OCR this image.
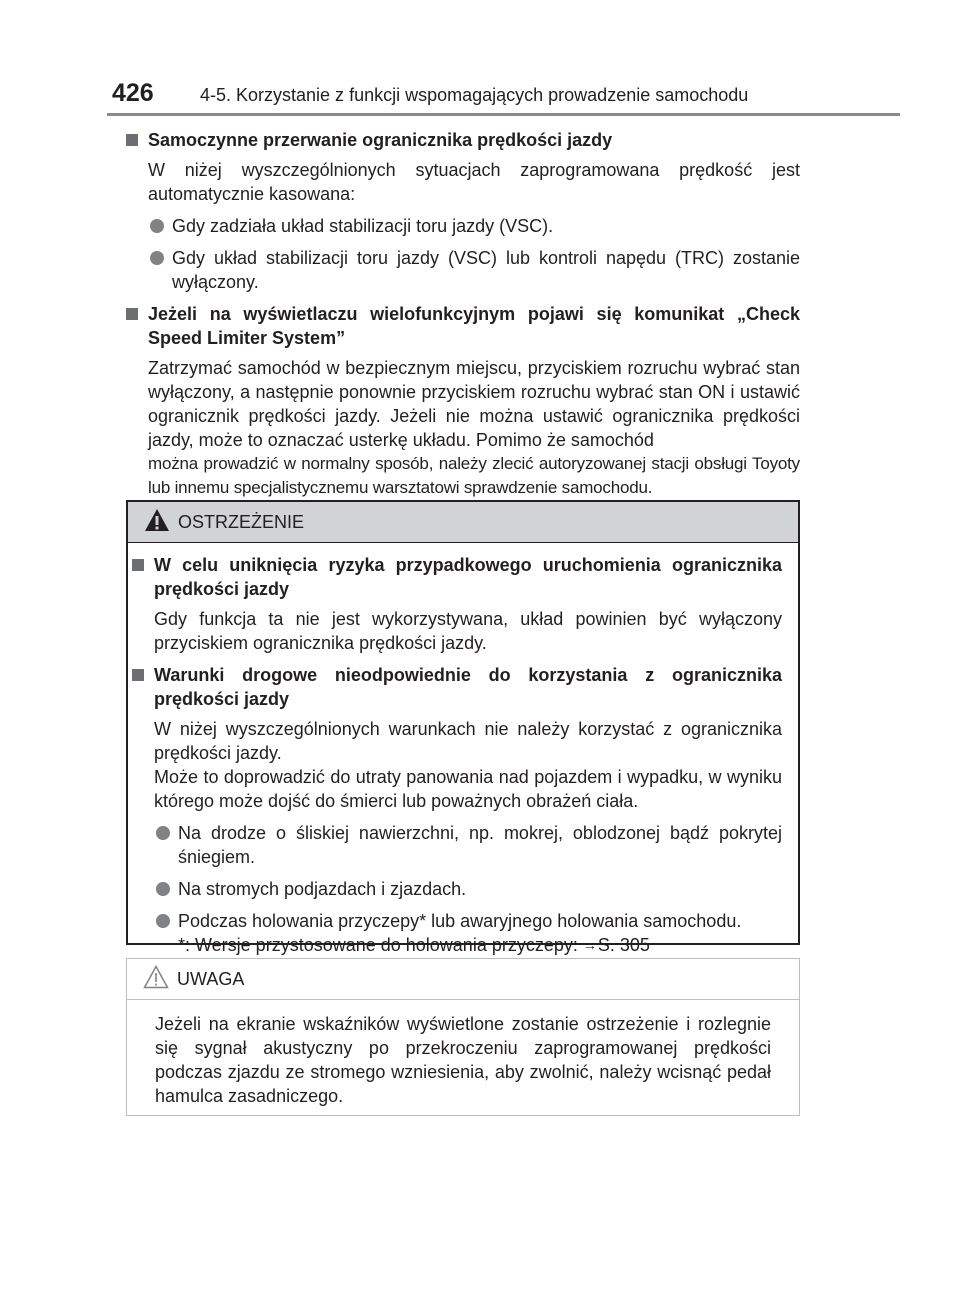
426	4-5. Korzystanie z funkcji wspomagających prowadzenie samochodu
Samoczynne przerwanie ogranicznika prędkości jazdy
W niżej wyszczególnionych sytuacjach zaprogramowana prędkość jest automatycznie kasowana:
Gdy zadziała układ stabilizacji toru jazdy (VSC).
Gdy układ stabilizacji toru jazdy (VSC) lub kontroli napędu (TRC) zostanie wyłączony.
Jeżeli na wyświetlaczu wielofunkcyjnym pojawi się komunikat „Check Speed Limiter System”
Zatrzymać samochód w bezpiecznym miejscu, przyciskiem rozruchu wybrać stan wyłączony, a następnie ponownie przyciskiem rozruchu wybrać stan ON i ustawić ogranicznik prędkości jazdy. Jeżeli nie można ustawić ogranicznika prędkości jazdy, może to oznaczać usterkę układu. Pomimo że samochód
można prowadzić w normalny sposób, należy zlecić autoryzowanej stacji obsługi Toyoty lub innemu specjalistycznemu warsztatowi sprawdzenie samochodu.
OSTRZEŻENIE
W celu uniknięcia ryzyka przypadkowego uruchomienia ogranicznika prędkości jazdy
Gdy funkcja ta nie jest wykorzystywana, układ powinien być wyłączony przyciskiem ogranicznika prędkości jazdy.
Warunki drogowe nieodpowiednie do korzystania z ogranicznika prędkości jazdy
W niżej wyszczególnionych warunkach nie należy korzystać z ogranicznika prędkości jazdy.
Może to doprowadzić do utraty panowania nad pojazdem i wypadku, w wyniku którego może dojść do śmierci lub poważnych obrażeń ciała.
Na drodze o śliskiej nawierzchni, np. mokrej, oblodzonej bądź pokrytej śniegiem.
Na stromych podjazdach i zjazdach.
Podczas holowania przyczepy* lub awaryjnego holowania samochodu.
*: Wersje przystosowane do holowania przyczepy: →S. 305
UWAGA
Jeżeli na ekranie wskaźników wyświetlone zostanie ostrzeżenie i rozlegnie się sygnał akustyczny po przekroczeniu zaprogramowanej prędkości podczas zjazdu ze stromego wzniesienia, aby zwolnić, należy wcisnąć pedał hamulca zasadniczego.
